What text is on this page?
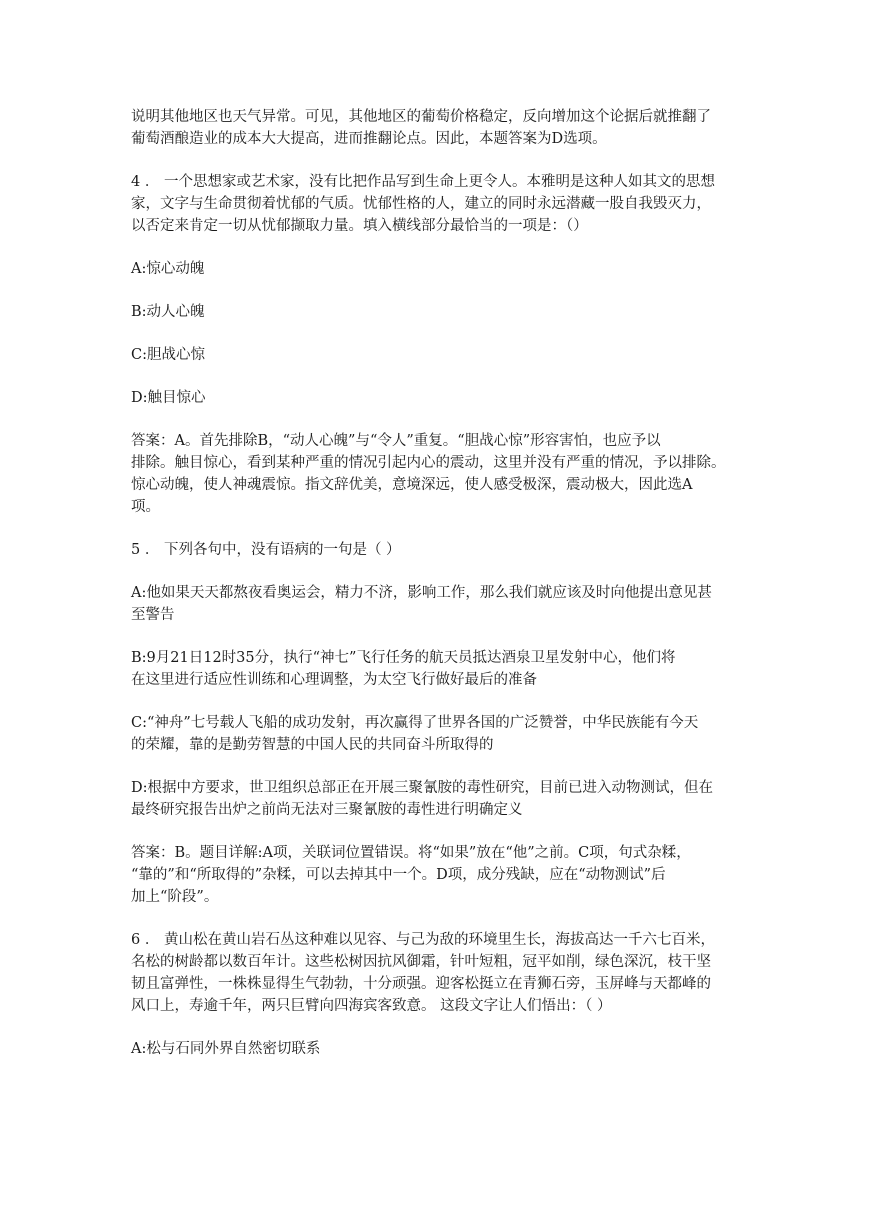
说明其他地区也天气异常。可见，其他地区的葡萄价格稳定，反向增加这个论据后就推翻了
葡萄酒酿造业的成本大大提高，进而推翻论点。因此，本题答案为D选项。

4 ． 一个思想家或艺术家，没有比把作品写到生命上更令人。本雅明是这种人如其文的思想
家，文字与生命贯彻着忧郁的气质。忧郁性格的人，建立的同时永远潜藏一股自我毁灭力，
以否定来肯定一切从忧郁撷取力量。填入横线部分最恰当的一项是：（）

A:惊心动魄

B:动人心魄

C:胆战心惊

D:触目惊心

答案：A。首先排除B，“动人心魄”与“令人”重复。“胆战心惊”形容害怕，也应予以
排除。触目惊心，看到某种严重的情况引起内心的震动，这里并没有严重的情况，予以排除。
惊心动魄，使人神魂震惊。指文辞优美，意境深远，使人感受极深，震动极大，因此选A
项。

5 ． 下列各句中，没有语病的一句是（ ）

A:他如果天天都熬夜看奥运会，精力不济，影响工作，那么我们就应该及时向他提出意见甚
至警告

B:9月21日12时35分，执行“神七”飞行任务的航天员抵达酒泉卫星发射中心，他们将
在这里进行适应性训练和心理调整，为太空飞行做好最后的准备

C:“神舟”七号载人飞船的成功发射，再次赢得了世界各国的广泛赞誉，中华民族能有今天
的荣耀，靠的是勤劳智慧的中国人民的共同奋斗所取得的

D:根据中方要求，世卫组织总部正在开展三聚氰胺的毒性研究，目前已进入动物测试，但在
最终研究报告出炉之前尚无法对三聚氰胺的毒性进行明确定义

答案：B。题目详解:A项，关联词位置错误。将“如果”放在“他”之前。C项，句式杂糅，
“靠的”和“所取得的”杂糅，可以去掉其中一个。D项，成分残缺，应在“动物测试”后
加上“阶段”。

6 ． 黄山松在黄山岩石丛这种难以见容、与己为敌的环境里生长，海拔高达一千六七百米，
名松的树龄都以数百年计。这些松树因抗风御霜，针叶短粗，冠平如削，绿色深沉，枝干坚
韧且富弹性，一株株显得生气勃勃，十分顽强。迎客松挺立在青狮石旁，玉屏峰与天都峰的
风口上，寿逾千年，两只巨臂向四海宾客致意。 这段文字让人们悟出：（ ）

A:松与石同外界自然密切联系
